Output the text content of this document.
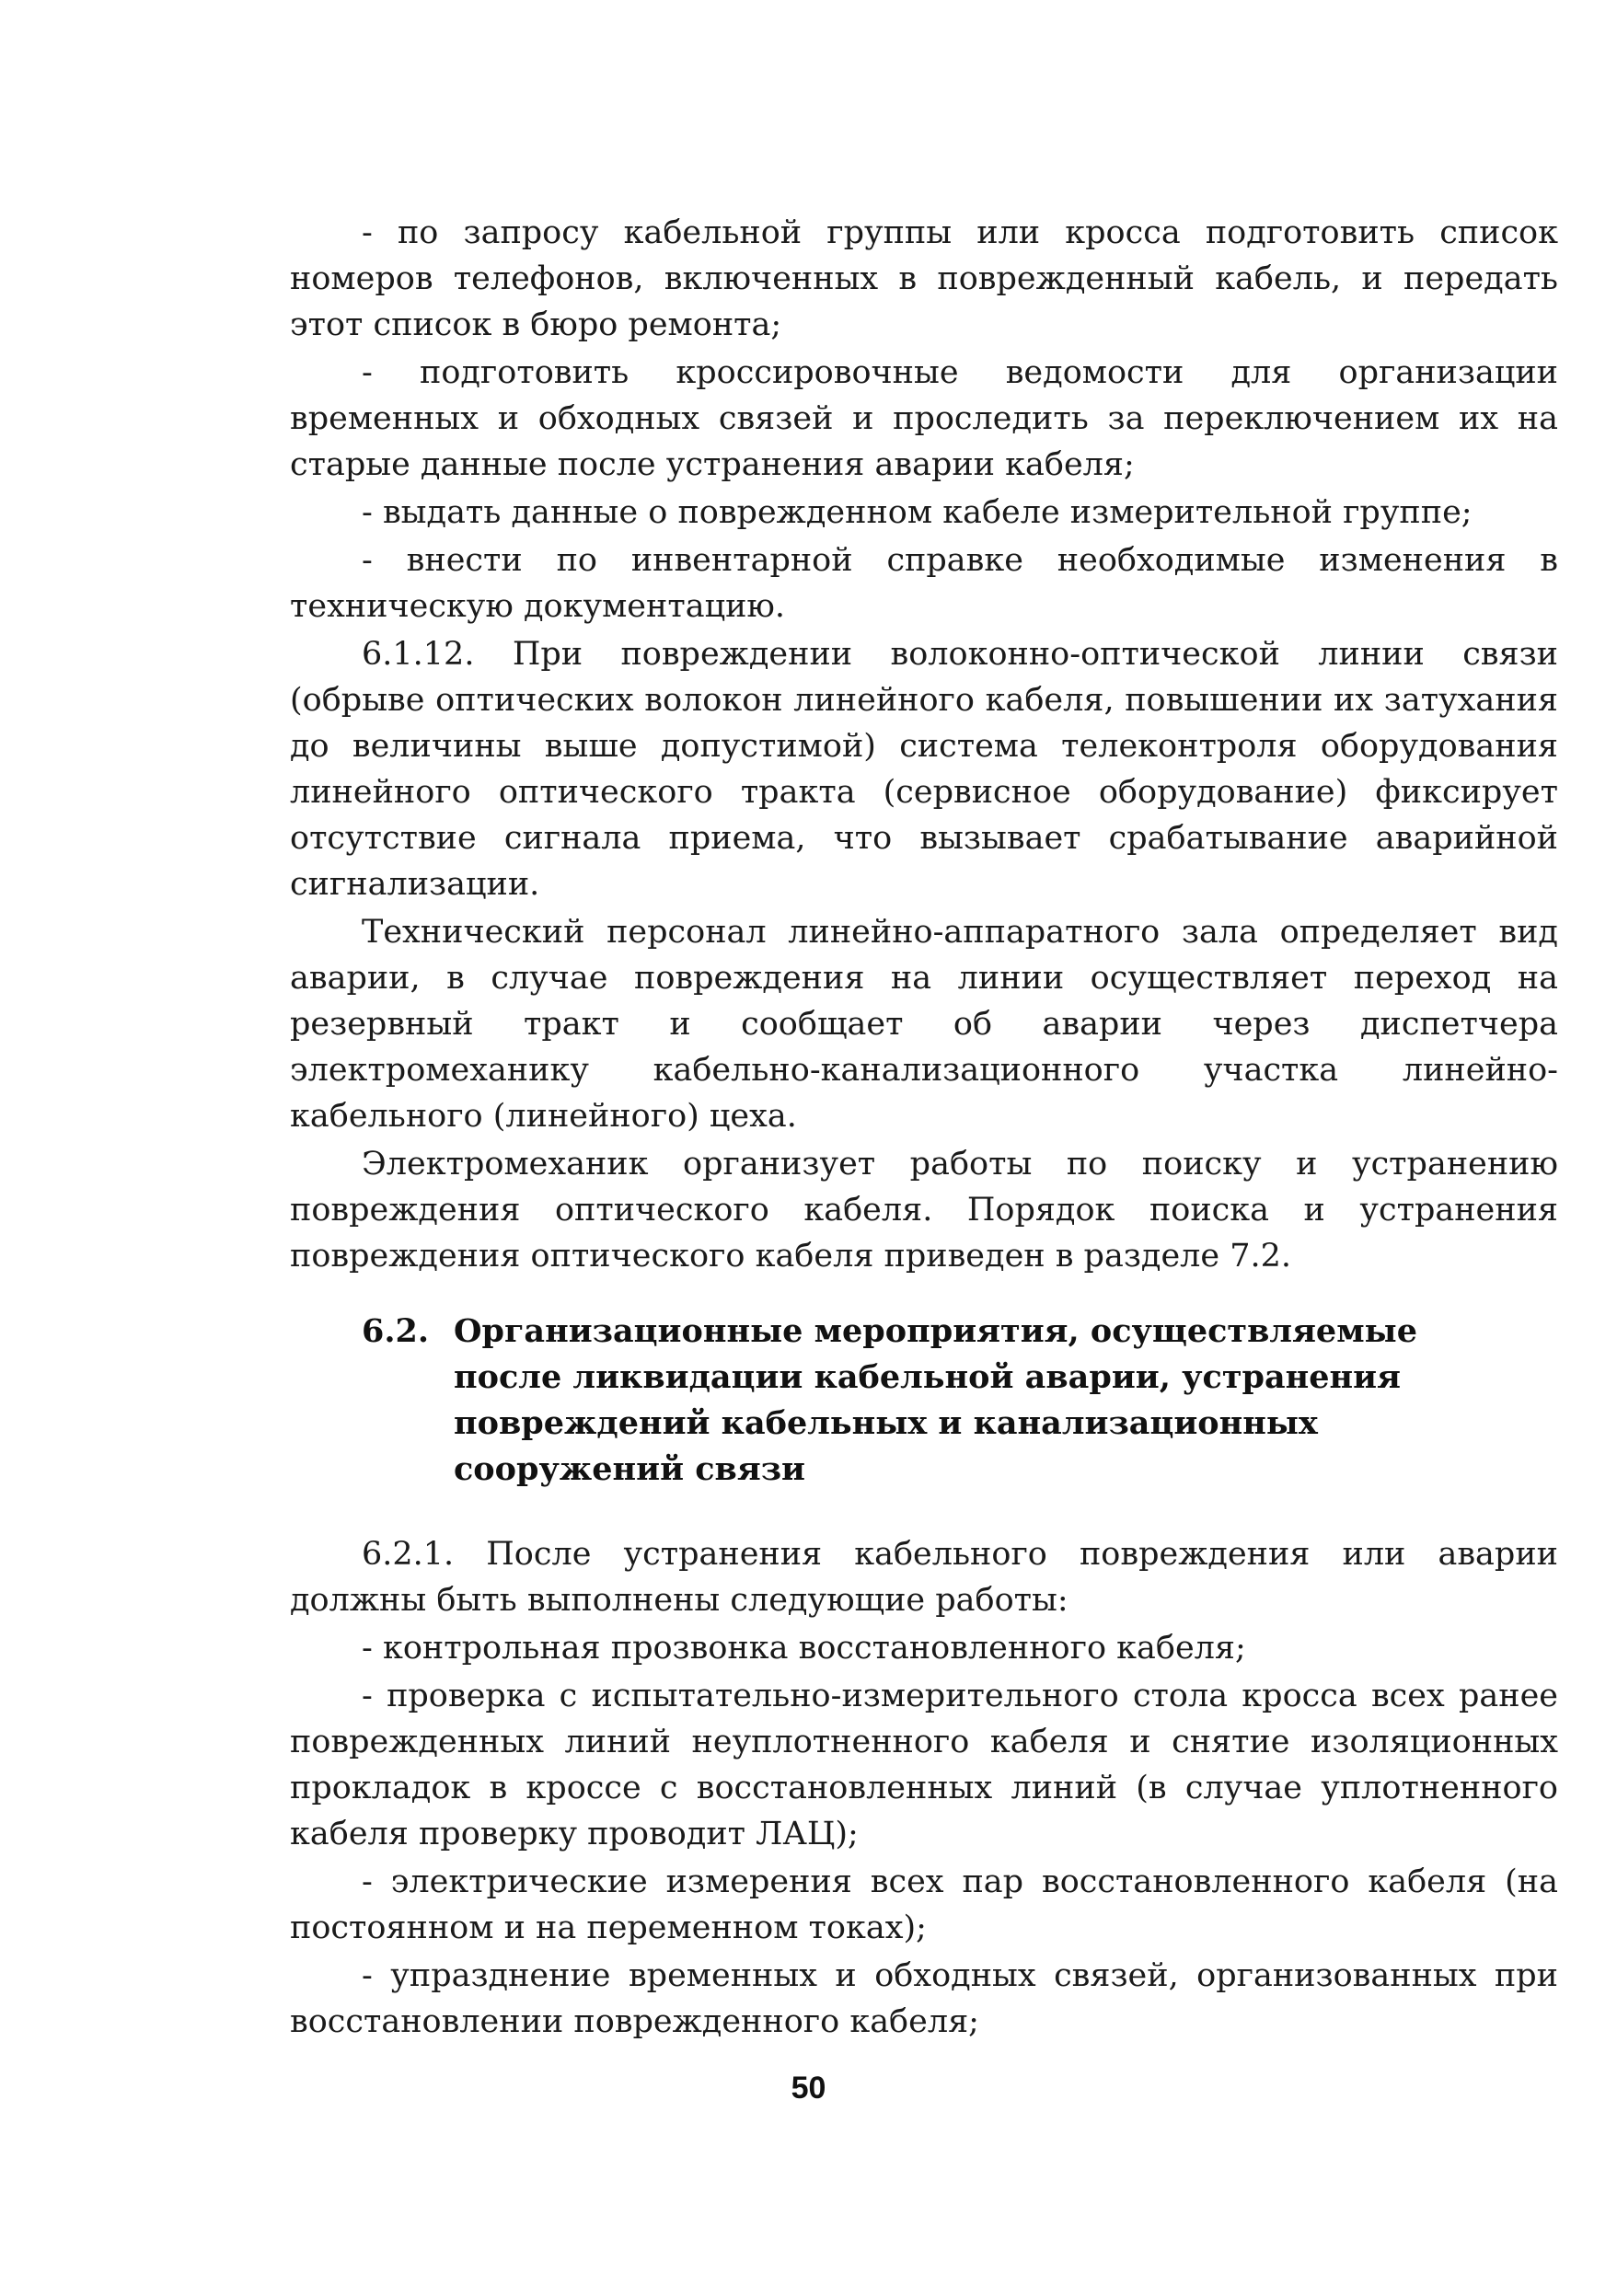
- по запросу кабельной группы или кросса подготовить список номеров телефонов, включенных в поврежденный кабель, и передать этот список в бюро ремонта;

- подготовить кроссировочные ведомости для организации временных и обходных связей и проследить за переключением их на старые данные после устранения аварии кабеля;

- выдать данные о поврежденном кабеле измерительной группе;

- внести по инвентарной справке необходимые изменения в техническую документацию.

6.1.12. При повреждении волоконно-оптической линии связи (обрыве оптических волокон линейного кабеля, повышении их затухания до величины выше допустимой) система телеконтроля оборудования линейного оптического тракта (сервисное оборудование) фиксирует отсутствие сигнала приема, что вызывает срабатывание аварийной сигнализации.

Технический персонал линейно-аппаратного зала определяет вид аварии, в случае повреждения на линии осуществляет переход на резервный тракт и сообщает об аварии через диспетчера электромеханику кабельно-канализационного участка линейно-кабельного (линейного) цеха.

Электромеханик организует работы по поиску и устранению повреждения оптического кабеля. Порядок поиска и устранения повреждения оптического кабеля приведен в разделе 7.2.

6.2. Организационные мероприятия, осуществляемые после ликвидации кабельной аварии, устранения повреждений кабельных и канализационных сооружений связи

6.2.1. После устранения кабельного повреждения или аварии должны быть выполнены следующие работы:

- контрольная прозвонка восстановленного кабеля;

- проверка с испытательно-измерительного стола кросса всех ранее поврежденных линий неуплотненного кабеля и снятие изоляционных прокладок в кроссе с восстановленных линий (в случае уплотненного кабеля проверку проводит ЛАЦ);

- электрические измерения всех пар восстановленного кабеля (на постоянном и на переменном токах);

- упразднение временных и обходных связей, организованных при восстановлении поврежденного кабеля;

50
